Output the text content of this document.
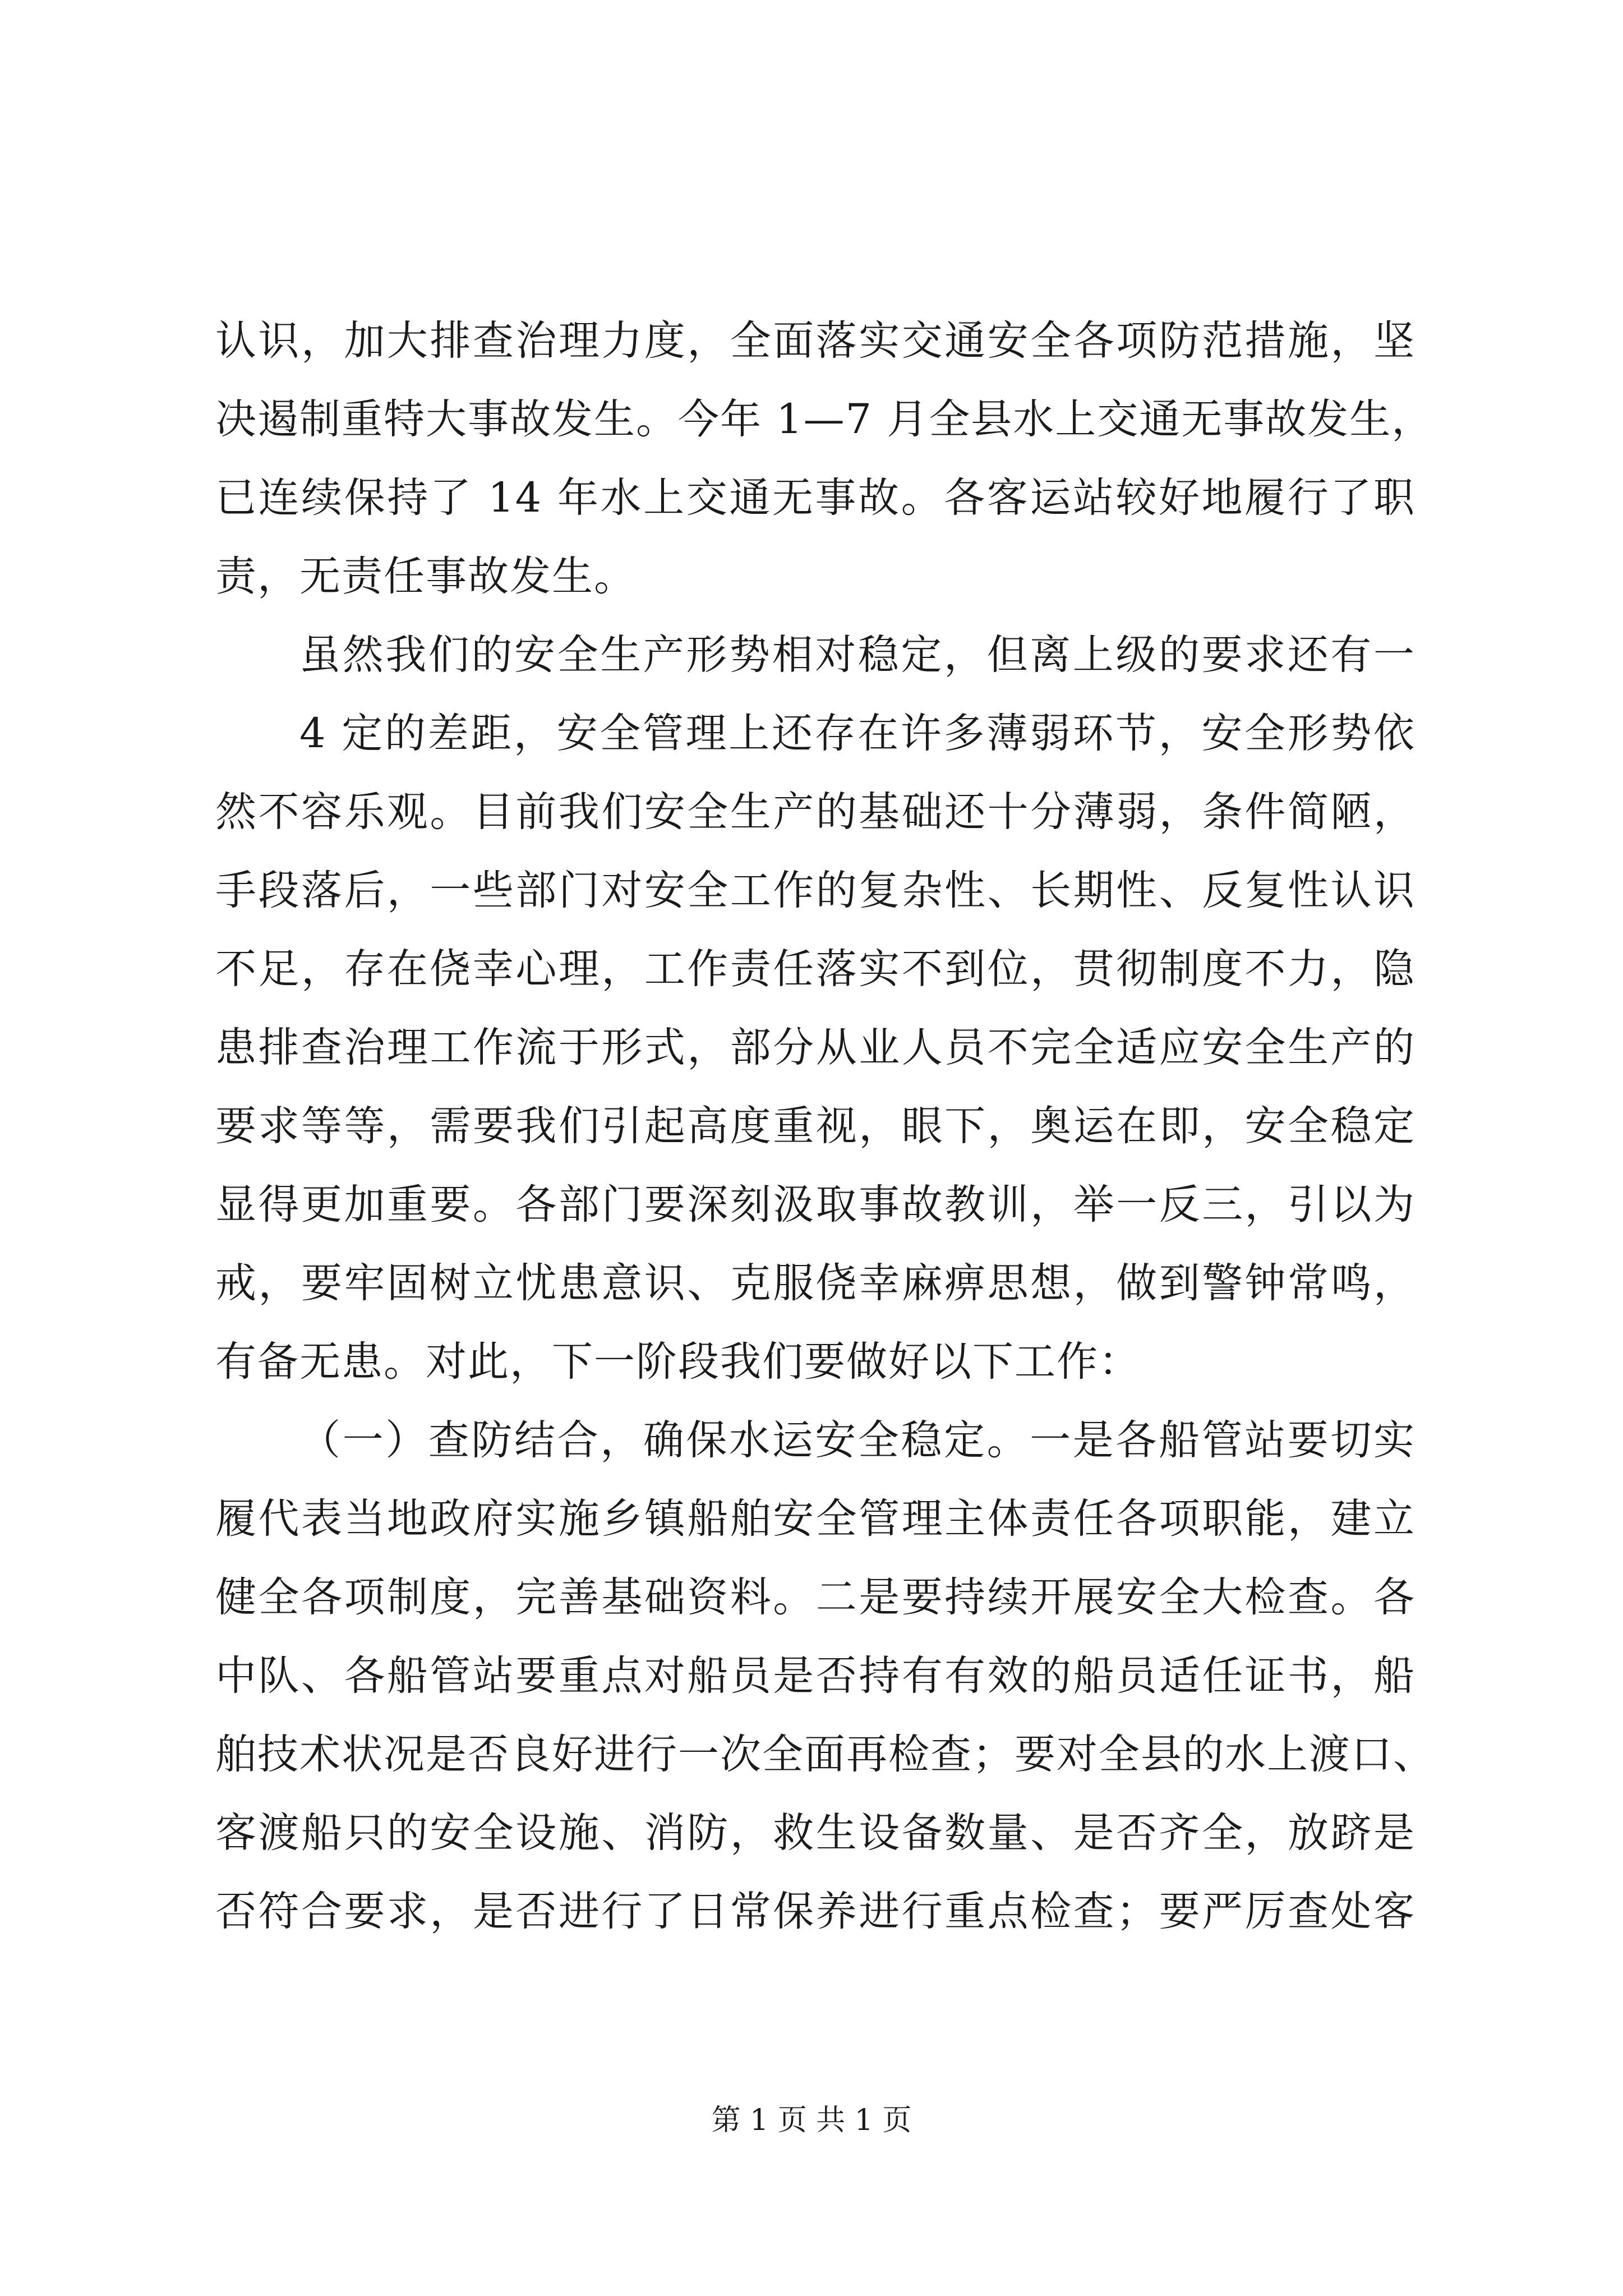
认识，加大排查治理力度，全面落实交通安全各项防范措施，坚
决遏制重特大事故发生。今年 1—7 月全县水上交通无事故发生，
已连续保持了 14 年水上交通无事故。各客运站较好地履行了职
责，无责任事故发生。
虽然我们的安全生产形势相对稳定，但离上级的要求还有一
4 定的差距，安全管理上还存在许多薄弱环节，安全形势依
然不容乐观。目前我们安全生产的基础还十分薄弱，条件简陋，
手段落后，一些部门对安全工作的复杂性、长期性、反复性认识
不足，存在侥幸心理，工作责任落实不到位，贯彻制度不力，隐
患排查治理工作流于形式，部分从业人员不完全适应安全生产的
要求等等，需要我们引起高度重视，眼下，奥运在即，安全稳定
显得更加重要。各部门要深刻汲取事故教训，举一反三，引以为
戒，要牢固树立忧患意识、克服侥幸麻痹思想，做到警钟常鸣，
有备无患。对此，下一阶段我们要做好以下工作：
（一）查防结合，确保水运安全稳定。一是各船管站要切实
履代表当地政府实施乡镇船舶安全管理主体责任各项职能，建立
健全各项制度，完善基础资料。二是要持续开展安全大检查。各
中队、各船管站要重点对船员是否持有有效的船员适任证书，船
舶技术状况是否良好进行一次全面再检查；要对全县的水上渡口、
客渡船只的安全设施、消防，救生设备数量、是否齐全，放跻是
否符合要求，是否进行了日常保养进行重点检查；要严厉查处客
第 1 页 共 1 页
